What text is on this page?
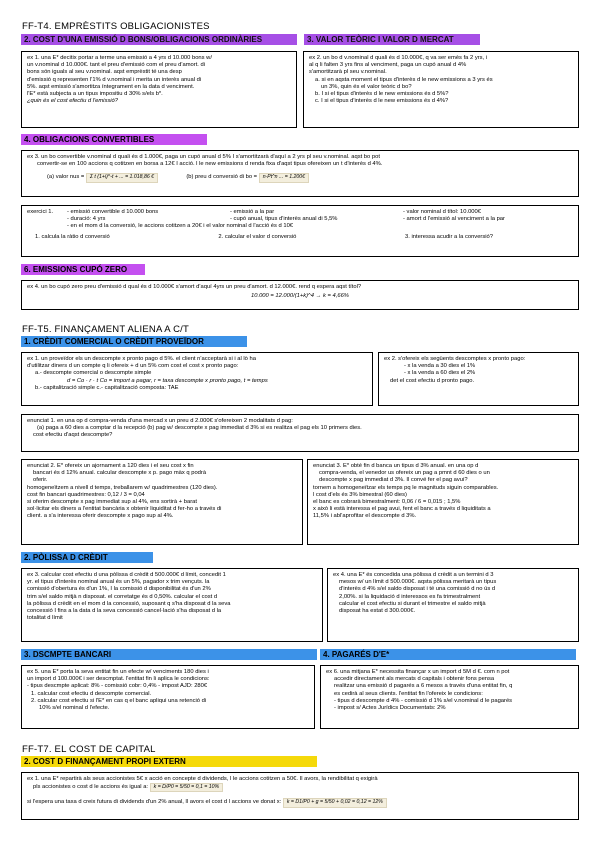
FF-T4. EMPRÈSTITS OBLIGACIONISTES
2. COST D'UNA EMISSIÓ D BONS/OBLIGACIONS ORDINÀRIES	3. VALOR TEÒRIC I VALOR D MERCAT

ex 1. una E* decitix portar a terme una emissió a 4 yrs d 10.000 bons w/

un v.nominal d 10.000€. tant el preu d'emissió com el preu d'amort. di

bons són iguals al seu v.nominal. aqst emprèstit té una desp

d'emissió q representen l'1% d v.nominal i merita un interès anual di

5%. aqst emissió s'amortitza íntegrament en la data d venciment.

l'E* està subjecta a un tipus impositiu d 30% s/els b*.

¿quin és el cost efectiu d l'emissió?

ex 2. un bo d v.nominal d quali és d 10.000€, q va ser emès fa 2 yrs, i

al q li falten 3 yrs fins al venciment, paga un cupó anual d 4%

s'amortitzarà pl seu v.nominal.

a. si en aqsta moment el tipus d'interès d le new emissions a 3 yrs és

un 3%, quin és el valor teòric d bo?

b. I si el tipus d'interès d le new emissions és d 5%?

c. I si el tipus d'interès d le new emissions és d 4%?

4. OBLIGACIONS CONVERTIBLES

ex 3. un bo convertible v.nominal d quali és d 1.000€, paga un cupó anual d 5% I s'amortitzarà d'aquí a 2 yrs pl seu v.nominal. aqst bo pot

convertir-se en 100 accions q cotitzen en borsa a 12€ I acció. l le new emissions d renda fixa d'aqst tipus ofereixen un t d'interès d 4%.

(a) valor nus = Σ t (1+i)^-t + ... = 1.018,86 €	(b) preu d conversió di bo = n·Pt^n ... = 1.200€

exercici 1.	- emissió convertible d 10.000 bons	- emissió a la par	- valor nominal d títol: 10.000€
- duració: 4 yrs	- cupó anual, tipus d'interès anual di 5,5%	- amort d l'emissió al venciment a la par
- en el mom d la conversió, le accions cotitzen a 20€ i el valor nominal d l'acció és d 10€
1. calcula la ràtio d conversió	2. calcular el valor d conversió	3. interessa acudir a la conversió?
6. EMISSIONS CUPÓ ZERO

ex 4. un bo cupó zero preu d'emissió d qual és d 10.000€ s'amort d'aquí 4yrs un preu d'amort. d 12.000€. rend q espera aqst títol?

10.000 = 12.000/(1+k)^4 → k = 4,66%

FF-T5. FINANÇAMENT ALIENA A C/T
1. CRÈDIT COMERCIAL O CRÈDIT PROVEÏDOR

ex 1. un proveïdor els un descompte x pronto pago d 5%. el client n'acceptarà si i al lò ha

d'utilitzar diners d un compte q li ofereix + d un 5% com cost el cost x pronto pago:

a.- descompte comercial o descompte simple

d = Co · r · t Co = import a pagar, r = taxa descompte x pronto pago, t = temps

b.- capitalització simple c.- capitalització composta: TAE

ex 2. s'ofereix els següents descomptes x pronto pago:

- x la venda a 30 dies el 1%

- x la venda a 60 dies el 2%

det el cost efectiu d pronto pago.

enunciat 1. en una op d compra-venda d'una mercad x un preu d 2.000€ s'ofereixen 2 modalitats d pag:

(a) paga a 60 dies a comptar d la recepció (b) pag w/ descompte x pag immediat d 3% si es realitza el pag els 10 primers dies.

cost efectiu d'aqst descompte?

enunciat 2. E* ofereix un ajornament a 120 dies i el seu cost x fin

bancari és d 12% anual. calcular descompte x p. pago màx q podrà

oferir.

homogeneïtzem a nivell d temps, treballarem w/ quadrimestres (120 dies).

cost fin bancari quadrimestres: 0,12 / 3 = 0,04

si oferim descompte x pag immediat sup al 4%, ens sortirà + barat

sol·licitar els diners a l'entitat bancària x obtenir liquiditat d fer-ho a través di

client. a s'a interessa oferir descompte x pago sup al 4%.

enunciat 3. E* obté fin d banca un tipus d 3% anual. en una op d

compra-venda, el venedor us ofereix un pag a pmnt d 60 dies o un

descompte x pag immediat d 3%. Il convé fer el pag avui?

tornem a homogeneïtzar els temps pq le magnituds siguin comparables.

l cost d'els és 3% bimestral (60 dies)

el banc es cobrarà bimestralment: 0,06 / 6 = 0,015 ; 1,5%

x això li està interessa el pag avui, fent el banc a través d liquiditats a

11,5% i abl'aprofitar el descompte d 3%.

2. PÒLISSA D CRÈDIT

ex 3. calcular cost efectiu d una pòlissa d crèdit d 500.000€ d límit, concedit 1

yr. el tipus d'interès nominal anual és un 5%, pagador x trim vençuts. la

comissió d'obertura és d'un 1%, I la comissió d disponibilitat és d'un 2%

trim s/el saldo mitjà n disposat. el corretatge és d 0,50%. calcular el cost d

la pòlissa d crèdit en el mom d la concessió, suposant q s'ha disposat d la seva

concessió I fins a la data d la seva concessió cancel·lació s'ha disposat d la

totalitat d límit

ex 4. una E* és concedida una pòlissa d crèdit a un termini d 3

mesos w/ un límit d 500.000€. aqsta pòlissa meritarà un tipus

d'interès d 4% s/el saldo disposat i té una comissió d no ús d

2,00%. si la liquidació d interessos es fa trimestralment

calcular el cost efectiu si durant el trimestre el saldo mitjà

disposat ha estat d 300.000€.

3. DSCMPTE BANCARI	4. PAGARÉS D'E*

ex 5. una E* porta la seva entitat fin un efecte w/ venciments 180 dies i

un import d 100.000€ i ser descmptat. l'entitat fin li aplica le condicions:

- tipus descmpte aplicat: 8% - comissió cobr: 0,4% - impost AJD: 280€

1. calcular cost efectiu d descompte comercial.

2. calcular cost efectiu si l'E* en cas q el banc apliqui una retenció di

10% s/el nominal d l'efecte.

ex 6. una mitjana E* necessita finançar x un import d 5M d €. com n pot

accedir directament als mercats d capitals i obtenir fons pensa

realitzar una emissió d pagarés a 6 mesos a través d'una entitat fin, q

es cedirà al seus clients. l'entitat fin l'ofereix le condicions:

- tipus d descompte d 4% - comissió d 1% s/el v.nominal d le pagarés

- impost s/ Actes Jurídics Documentats: 2%

FF-T7. EL COST DE CAPITAL
2. COST D FINANÇAMENT PROPI EXTERN

ex 1. una E* repartirà als seus accionistes 5€ x acció en concepte d dividends, l le accions cotitzen a 50€. Il avors, la rendibilitat q exigirà

pls accionistes o cost d le accions és igual a: k = D/P0 = 5/50 = 0,1 = 10%

si l'espera una taxa d creix futura di dividends d'un 2% anual, ll avors el cost d l accions ve donat x: k = D1/P0 + g = 5/50 + 0,02 = 0,12 = 12%
